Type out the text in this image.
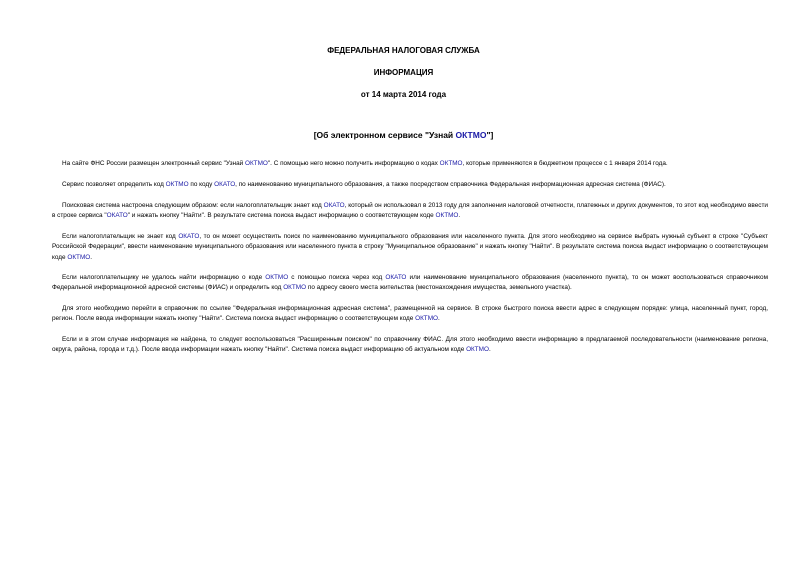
ФЕДЕРАЛЬНАЯ НАЛОГОВАЯ СЛУЖБА
ИНФОРМАЦИЯ
от 14 марта 2014 года
[Об электронном сервисе "Узнай ОКТМО"]
На сайте ФНС России размещен электронный сервис "Узнай ОКТМО". С помощью него можно получить информацию о кодах ОКТМО, которые применяются в бюджетном процессе с 1 января 2014 года.
Сервис позволяет определить код ОКТМО по коду ОКАТО, по наименованию муниципального образования, а также посредством справочника Федеральная информационная адресная система (ФИАС).
Поисковая система настроена следующим образом: если налогоплательщик знает код ОКАТО, который он использовал в 2013 году для заполнения налоговой отчетности, платежных и других документов, то этот код необходимо ввести в строке сервиса "ОКАТО" и нажать кнопку "Найти". В результате система поиска выдаст информацию о соответствующем коде ОКТМО.
Если налогоплательщик не знает код ОКАТО, то он может осуществить поиск по наименованию муниципального образования или населенного пункта. Для этого необходимо на сервисе выбрать нужный субъект в строке "Субъект Российской Федерации", ввести наименование муниципального образования или населенного пункта в строку "Муниципальное образование" и нажать кнопку "Найти". В результате система поиска выдаст информацию о соответствующем коде ОКТМО.
Если налогоплательщику не удалось найти информацию о коде ОКТМО с помощью поиска через код ОКАТО или наименование муниципального образования (населенного пункта), то он может воспользоваться справочником Федеральной информационной адресной системы (ФИАС) и определить код ОКТМО по адресу своего места жительства (местонахождения имущества, земельного участка).
Для этого необходимо перейти в справочник по ссылке "Федеральная информационная адресная система", размещенной на сервисе. В строке быстрого поиска ввести адрес в следующем порядке: улица, населенный пункт, город, регион. После ввода информации нажать кнопку "Найти". Система поиска выдаст информацию о соответствующем коде ОКТМО.
Если и в этом случае информация не найдена, то следует воспользоваться "Расширенным поиском" по справочнику ФИАС. Для этого необходимо ввести информацию в предлагаемой последовательности (наименование региона, округа, района, города и т.д.). После ввода информации нажать кнопку "Найти". Система поиска выдаст информацию об актуальном коде ОКТМО.
